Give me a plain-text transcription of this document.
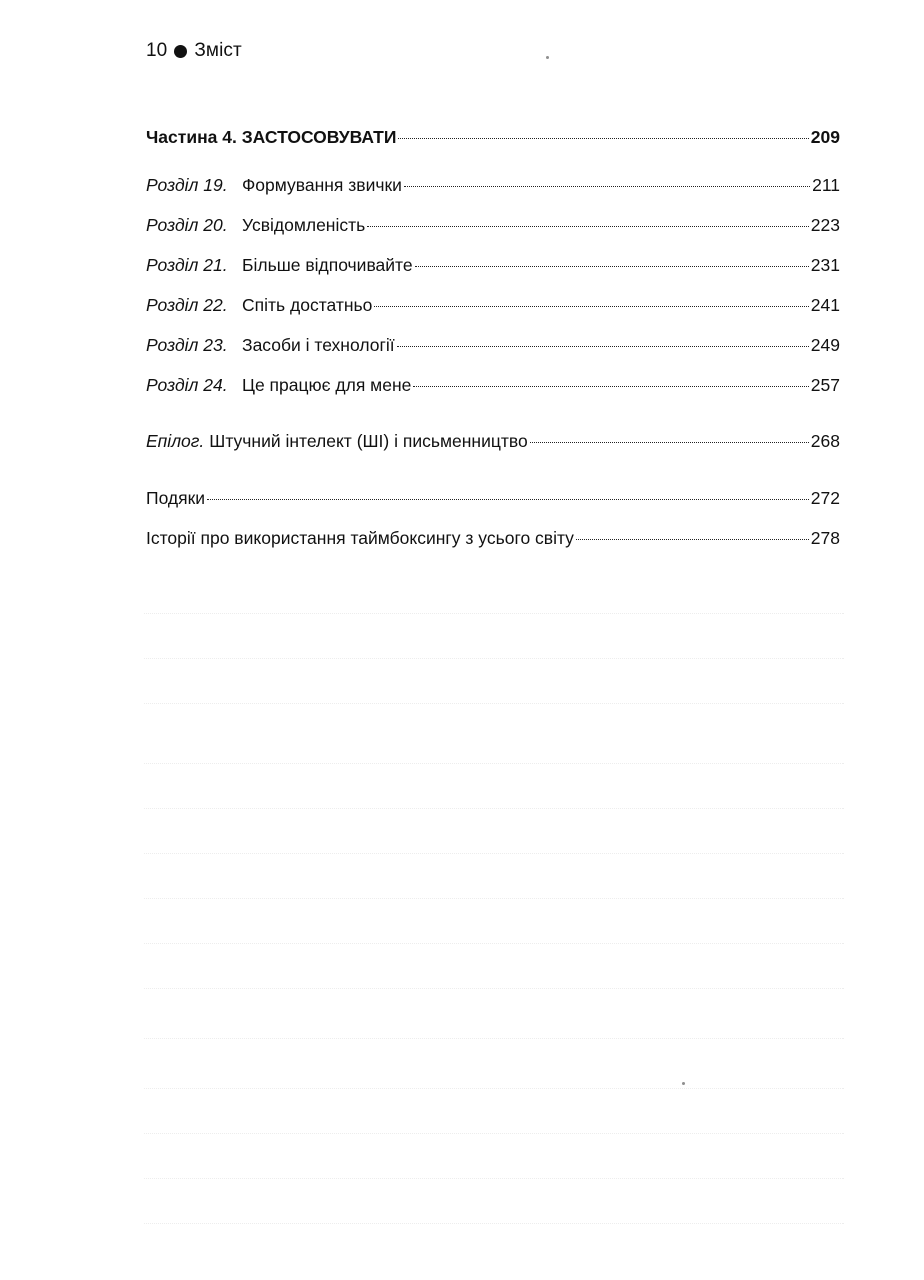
10 Зміст
Частина 4. ЗАСТОСОВУВАТИ	209
Розділ 19. Формування звички	211
Розділ 20. Усвідомленість	223
Розділ 21. Більше відпочивайте	231
Розділ 22. Спіть достатньо	241
Розділ 23. Засоби і технології	249
Розділ 24. Це працює для мене	257
Епілог. Штучний інтелект (ШІ) і письменництво	268
Подяки	272
Історії про використання таймбоксингу з усього світу	278
